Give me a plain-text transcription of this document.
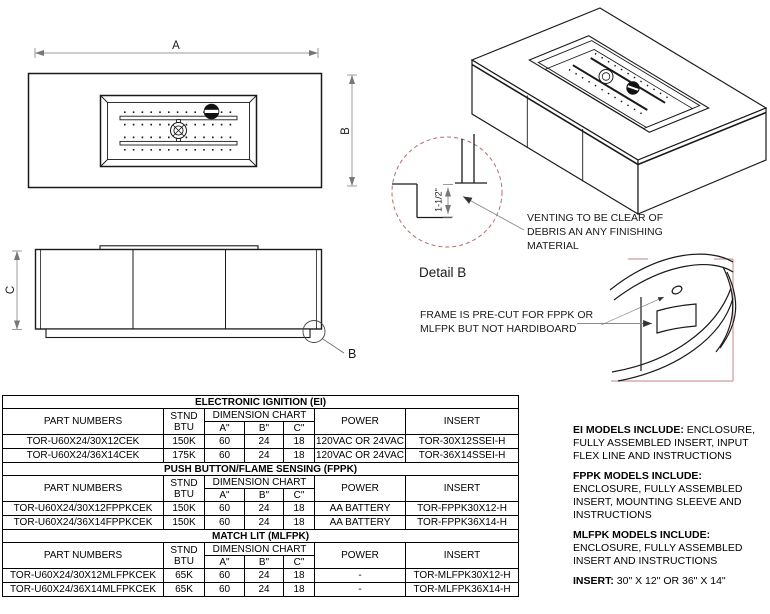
A
B
B
C
1-1/2"
VENTING TO BE CLEAR OF
DEBRIS AN ANY FINISHING
MATERIAL
Detail B
FRAME IS PRE-CUT FOR FPPK OR
MLFPK BUT NOT HARDIBOARD
ELECTRONIC IGNITION (EI)						
PART NUMBERS	STND
BTU	DIMENSION CHART			POWER	INSERT
		A"	B"	C"		
TOR-U60X24/30X12CEK	150K	60	24	18	120VAC OR 24VAC	TOR-30X12SSEI-H
TOR-U60X24/36X14CEK	175K	60	24	18	120VAC OR 24VAC	TOR-36X14SSEI-H
PUSH BUTTON/FLAME SENSING (FPPK)						
PART NUMBERS	STND
BTU	DIMENSION CHART			POWER	INSERT
		A"	B"	C"		
TOR-U60X24/30X12FPPKCEK	150K	60	24	18	AA BATTERY	TOR-FPPK30X12-H
TOR-U60X24/36X14FPPKCEK	150K	60	24	18	AA BATTERY	TOR-FPPK36X14-H
MATCH LIT (MLFPK)						
PART NUMBERS	STND
BTU	DIMENSION CHART			POWER	INSERT
		A"	B"	C"		
TOR-U60X24/30X12MLFPKCEK	65K	60	24	18	-	TOR-MLFPK30X12-H
TOR-U60X24/36X14MLFPKCEK	65K	60	24	18	-	TOR-MLFPK36X14-H

EI MODELS INCLUDE: ENCLOSURE, FULLY ASSEMBLED INSERT, INPUT FLEX LINE AND INSTRUCTIONS

FPPK MODELS INCLUDE: ENCLOSURE, FULLY ASSEMBLED INSERT, MOUNTING SLEEVE AND INSTRUCTIONS

MLFPK MODELS INCLUDE: ENCLOSURE, FULLY ASSEMBLED INSERT AND INSTRUCTIONS

INSERT: 30" X 12" OR 36" X 14"
